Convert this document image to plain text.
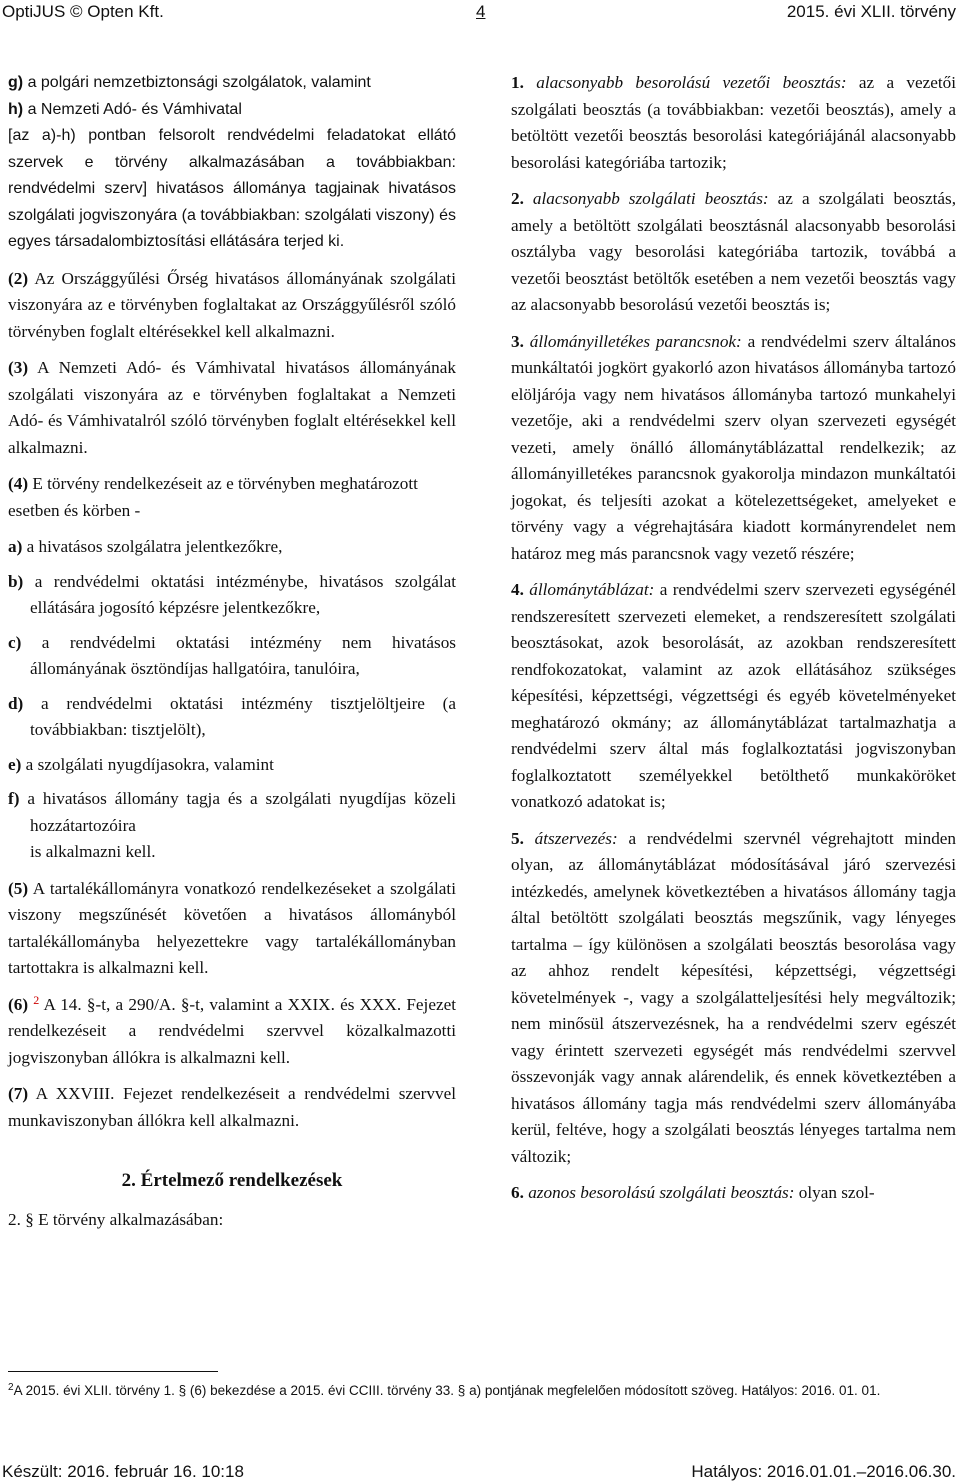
OptiJUS © Opten Kft.	4	2015. évi XLII. törvény

g) a polgári nemzetbiztonsági szolgálatok, valamint

h) a Nemzeti Adó- és Vámhivatal

[az a)-h) pontban felsorolt rendvédelmi feladatokat ellátó szervek e törvény alkalmazásában a továbbiakban: rendvédelmi szerv] hivatásos állománya tagjainak hivatásos szolgálati jogviszonyára (a továbbiakban: szolgálati viszony) és egyes társadalombiztosítási ellátására terjed ki.

(2) Az Országgyűlési Őrség hivatásos állományának szolgálati viszonyára az e törvényben foglaltakat az Országgyűlésről szóló törvényben foglalt eltérésekkel kell alkalmazni.

(3) A Nemzeti Adó- és Vámhivatal hivatásos állományának szolgálati viszonyára az e törvényben foglaltakat a Nemzeti Adó- és Vámhivatalról szóló törvényben foglalt eltérésekkel kell alkalmazni.

(4) E törvény rendelkezéseit az e törvényben meghatározott esetben és körben -

a) a hivatásos szolgálatra jelentkezőkre,
b) a rendvédelmi oktatási intézménybe, hivatásos szolgálat ellátására jogosító képzésre jelentkezőkre,
c) a rendvédelmi oktatási intézmény nem hivatásos állományának ösztöndíjas hallgatóira, tanulóira,
d) a rendvédelmi oktatási intézmény tisztjelöltjeire (a továbbiakban: tisztjelölt),
e) a szolgálati nyugdíjasokra, valamint
f) a hivatásos állomány tagja és a szolgálati nyugdíjas közeli hozzátartozóira
is alkalmazni kell.

(5) A tartalékállományra vonatkozó rendelkezéseket a szolgálati viszony megszűnését követően a hivatásos állományból tartalékállományba helyezettekre vagy tartalékállományban tartottakra is alkalmazni kell.

(6) $^2$ A 14. §-t, a 290/A. §-t, valamint a XXIX. és XXX. Fejezet rendelkezéseit a rendvédelmi szervvel közalkalmazotti jogviszonyban állókra is alkalmazni kell.

(7) A XXVIII. Fejezet rendelkezéseit a rendvédelmi szervvel munkaviszonyban állókra kell alkalmazni.

2. Értelmező rendelkezések

2. § E törvény alkalmazásában:

1. alacsonyabb besorolású vezetői beosztás: az a vezetői szolgálati beosztás (a továbbiakban: vezetői beosztás), amely a betöltött vezetői beosztás besorolási kategóriájánál alacsonyabb besorolási kategóriába tartozik;

2. alacsonyabb szolgálati beosztás: az a szolgálati beosztás, amely a betöltött szolgálati beosztásnál alacsonyabb besorolási osztályba vagy besorolási kategóriába tartozik, továbbá a vezetői beosztást betöltők esetében a nem vezetői beosztás vagy az alacsonyabb besorolású vezetői beosztás is;

3. állományilletékes parancsnok: a rendvédelmi szerv általános munkáltatói jogkört gyakorló azon hivatásos állományba tartozó elöljárója vagy nem hivatásos állományba tartozó munkahelyi vezetője, aki a rendvédelmi szerv olyan szervezeti egységét vezeti, amely önálló állománytáblázattal rendelkezik; az állományilletékes parancsnok gyakorolja mindazon munkáltatói jogokat, és teljesíti azokat a kötelezettségeket, amelyeket e törvény vagy a végrehajtására kiadott kormányrendelet nem határoz meg más parancsnok vagy vezető részére;

4. állománytáblázat: a rendvédelmi szerv szervezeti egységénél rendszeresített szervezeti elemeket, a rendszeresített szolgálati beosztásokat, azok besorolását, az azokban rendszeresített rendfokozatokat, valamint az azok ellátásához szükséges képesítési, képzettségi, végzettségi és egyéb követelményeket meghatározó okmány; az állománytáblázat tartalmazhatja a rendvédelmi szerv által más foglalkoztatási jogviszonyban foglalkoztatott személyekkel betölthető munkaköröket vonatkozó adatokat is;

5. átszervezés: a rendvédelmi szervnél végrehajtott minden olyan, az állománytáblázat módosításával járó szervezési intézkedés, amelynek következtében a hivatásos állomány tagja által betöltött szolgálati beosztás megszűnik, vagy lényeges tartalma – így különösen a szolgálati beosztás besorolása vagy az ahhoz rendelt képesítési, képzettségi, végzettségi követelmények -, vagy a szolgálatteljesítési hely megváltozik; nem minősül átszervezésnek, ha a rendvédelmi szerv egészét vagy érintett szervezeti egységét más rendvédelmi szervvel összevonják vagy annak alárendelik, és ennek következtében a hivatásos állomány tagja más rendvédelmi szerv állományába kerül, feltéve, hogy a szolgálati beosztás lényeges tartalma nem változik;

6. azonos besorolású szolgálati beosztás: olyan szol-

$^2$A 2015. évi XLII. törvény 1. § (6) bekezdése a 2015. évi CCIII. törvény 33. § a) pontjának megfelelően módosított szöveg. Hatályos: 2016. 01. 01.
Készült: 2016. február 16. 10:18	Hatályos: 2016.01.01.–2016.06.30.
